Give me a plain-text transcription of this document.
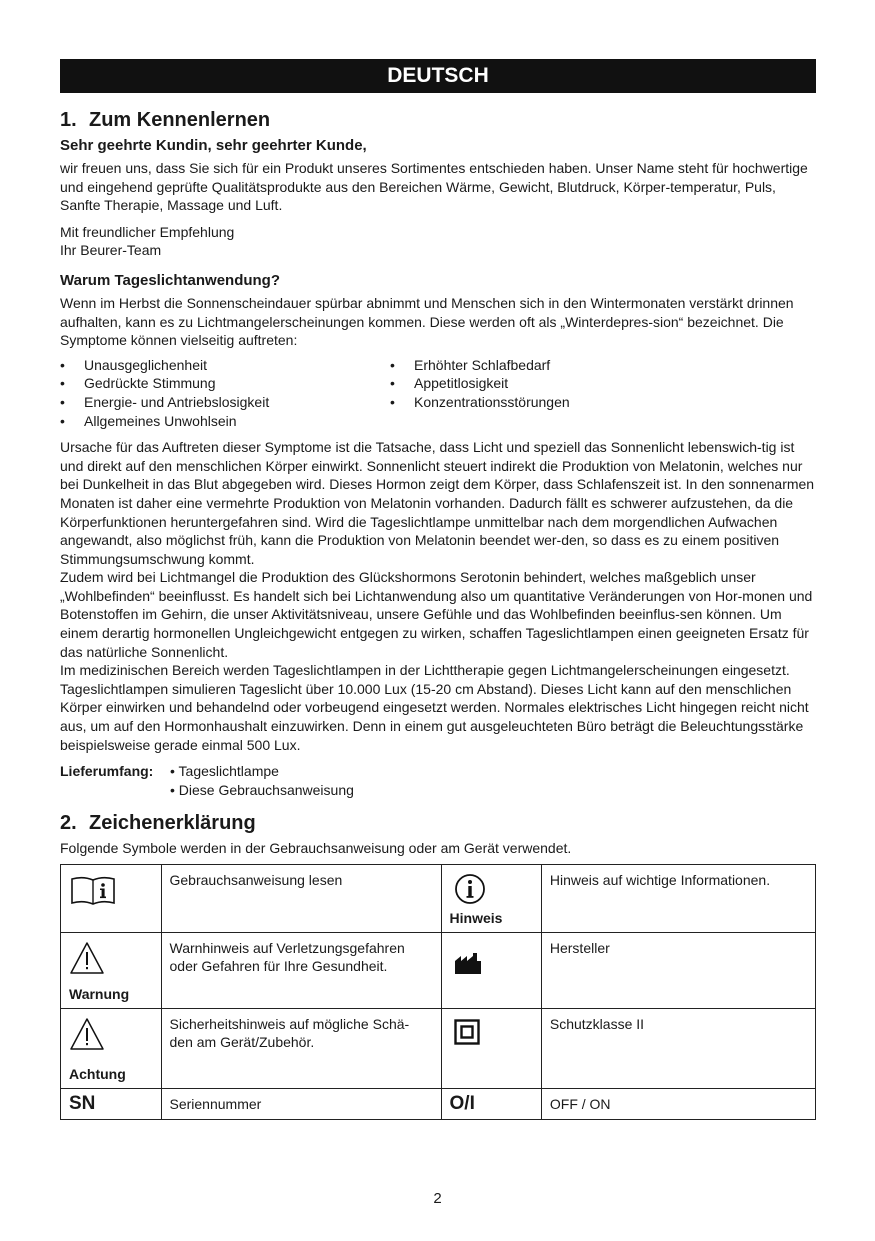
DEUTSCH
1. Zum Kennenlernen
Sehr geehrte Kundin, sehr geehrter Kunde,

wir freuen uns, dass Sie sich für ein Produkt unseres Sortimentes entschieden haben. Unser Name steht für hochwertige und eingehend geprüfte Qualitätsprodukte aus den Bereichen Wärme, Gewicht, Blutdruck, Körper-temperatur, Puls, Sanfte Therapie, Massage und Luft.

Mit freundlicher Empfehlung

Ihr Beurer-Team

Warum Tageslichtanwendung?

Wenn im Herbst die Sonnenscheindauer spürbar abnimmt und Menschen sich in den Wintermonaten verstärkt drinnen aufhalten, kann es zu Lichtmangelerscheinungen kommen. Diese werden oft als „Winterdepres-sion“ bezeichnet. Die Symptome können vielseitig auftreten:

• Unausgeglichenheit
• Gedrückte Stimmung
• Energie- und Antriebslosigkeit
• Allgemeines Unwohlsein
• Erhöhter Schlafbedarf
• Appetitlosigkeit
• Konzentrationsstörungen

Ursache für das Auftreten dieser Symptome ist die Tatsache, dass Licht und speziell das Sonnenlicht lebenswich-tig ist und direkt auf den menschlichen Körper einwirkt. Sonnenlicht steuert indirekt die Produktion von Melatonin, welches nur bei Dunkelheit in das Blut abgegeben wird. Dieses Hormon zeigt dem Körper, dass Schlafenszeit ist. In den sonnenarmen Monaten ist daher eine vermehrte Produktion von Melatonin vorhanden. Dadurch fällt es schwerer aufzustehen, da die Körperfunktionen heruntergefahren sind. Wird die Tageslichtlampe unmittelbar nach dem morgendlichen Aufwachen angewandt, also möglichst früh, kann die Produktion von Melatonin beendet wer-den, so dass es zu einem positiven Stimmungsumschwung kommt.

Zudem wird bei Lichtmangel die Produktion des Glückshormons Serotonin behindert, welches maßgeblich unser „Wohlbefinden“ beeinflusst. Es handelt sich bei Lichtanwendung also um quantitative Veränderungen von Hor-monen und Botenstoffen im Gehirn, die unser Aktivitätsniveau, unsere Gefühle und das Wohlbefinden beeinflus-sen können. Um einem derartig hormonellen Ungleichgewicht entgegen zu wirken, schaffen Tageslichtlampen einen geeigneten Ersatz für das natürliche Sonnenlicht.

Im medizinischen Bereich werden Tageslichtlampen in der Lichttherapie gegen Lichtmangelerscheinungen eingesetzt. Tageslichtlampen simulieren Tageslicht über 10.000 Lux (15-20 cm Abstand). Dieses Licht kann auf den menschlichen Körper einwirken und behandelnd oder vorbeugend eingesetzt werden. Normales elektrisches Licht hingegen reicht nicht aus, um auf den Hormonhaushalt einzuwirken. Denn in einem gut ausgeleuchteten Büro beträgt die Beleuchtungsstärke beispielsweise gerade einmal 500 Lux.

Lieferumfang:	• Tageslichtlampe
• Diese Gebrauchsanweisung
2. Zeichenerklärung

Folgende Symbole werden in der Gebrauchsanweisung oder am Gerät verwendet.

	Gebrauchsanweisung lesen	Hinweis	Hinweis auf wichtige Informationen.

Warnung	Warnhinweis auf Verletzungsgefahren oder Gefahren für Ihre Gesundheit.		Hersteller

Achtung	Sicherheitshinweis auf mögliche Schä-den am Gerät/Zubehör.		Schutzklasse II
SN	Seriennummer	O/I	OFF / ON
2
